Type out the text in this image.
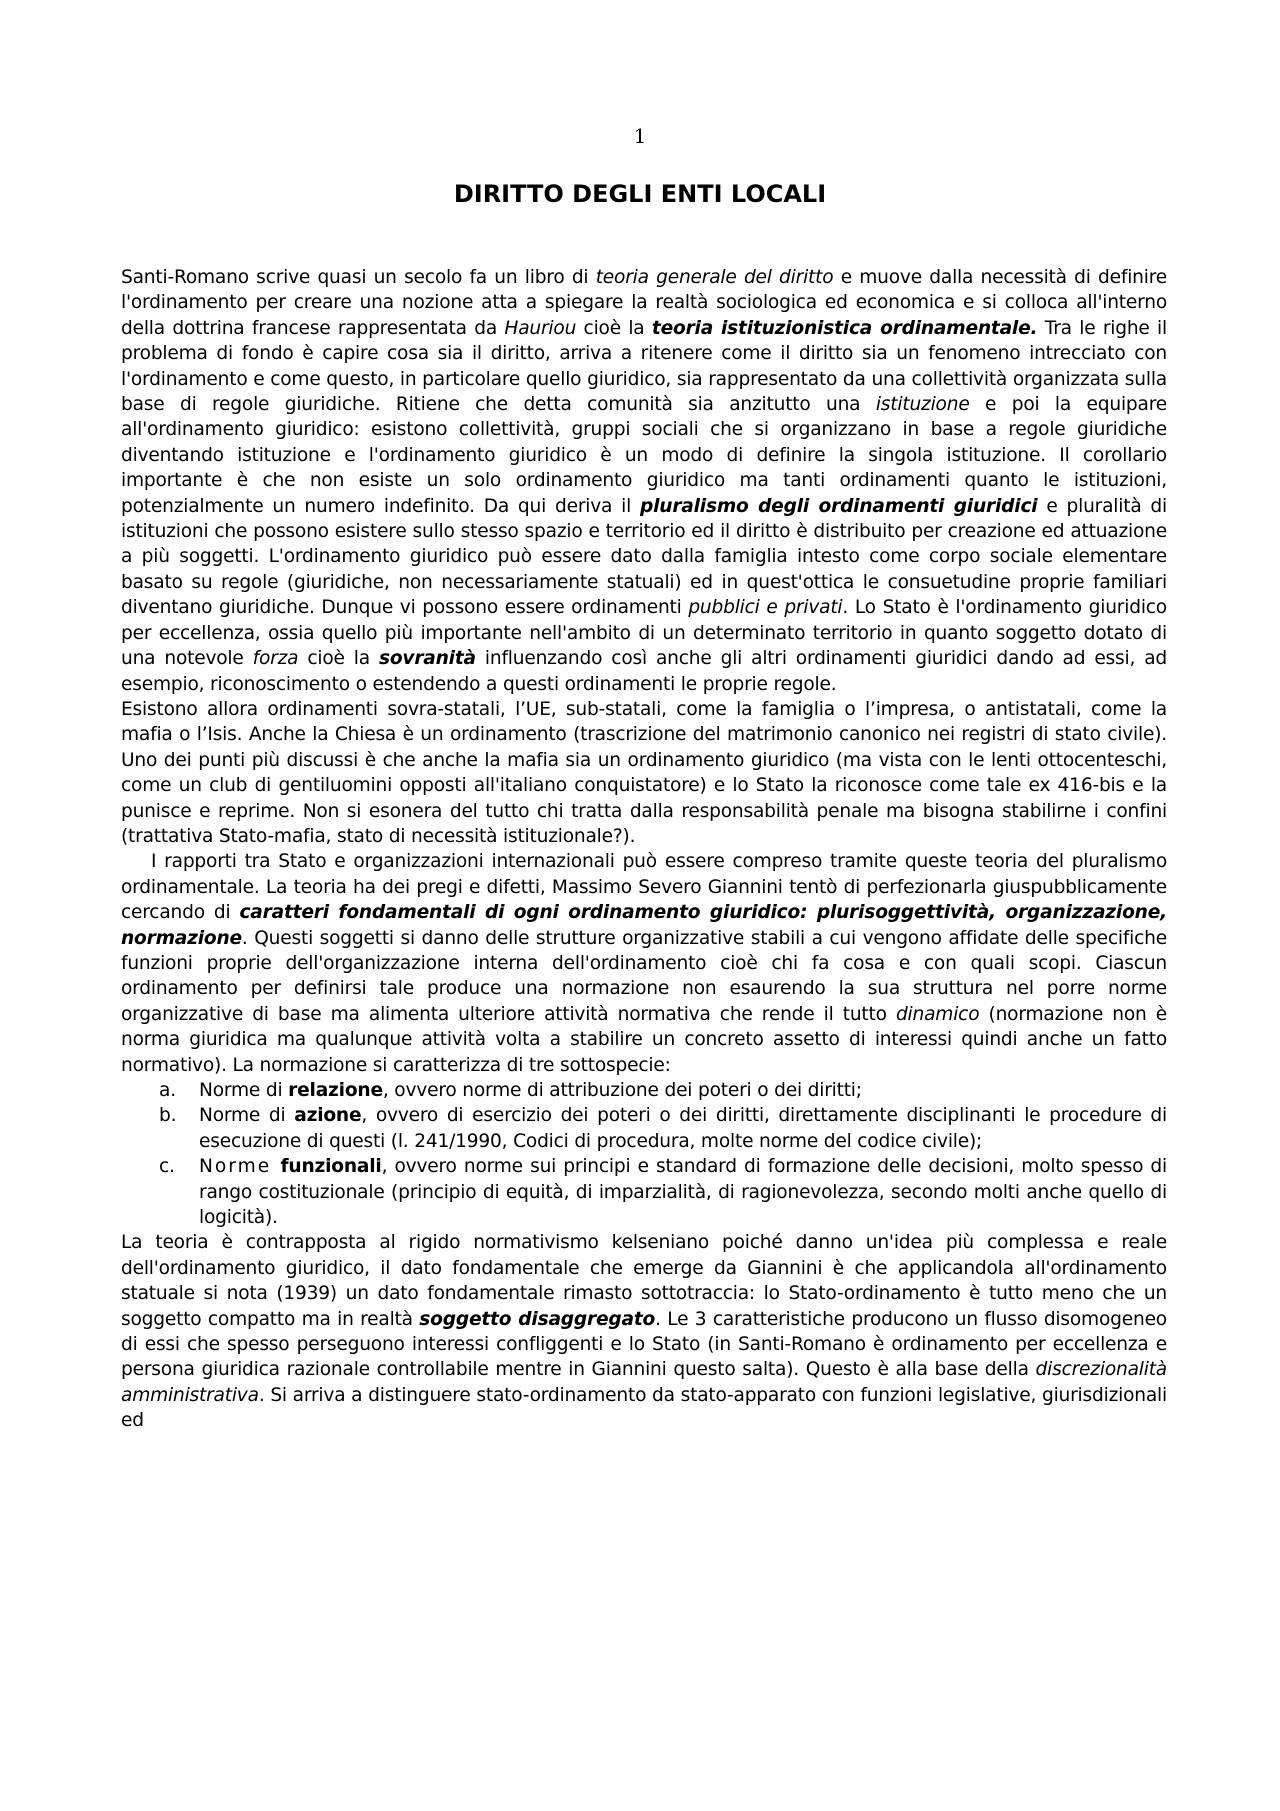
1
DIRITTO DEGLI ENTI LOCALI

Santi-Romano scrive quasi un secolo fa un libro di teoria generale del diritto e muove dalla necessità di definire l'ordinamento per creare una nozione atta a spiegare la realtà sociologica ed economica e si colloca all'interno della dottrina francese rappresentata da Hauriou cioè la teoria istituzionistica ordinamentale. Tra le righe il problema di fondo è capire cosa sia il diritto, arriva a ritenere come il diritto sia un fenomeno intrecciato con l'ordinamento e come questo, in particolare quello giuridico, sia rappresentato da una collettività organizzata sulla base di regole giuridiche. Ritiene che detta comunità sia anzitutto una istituzione e poi la equipare all'ordinamento giuridico: esistono collettività, gruppi sociali che si organizzano in base a regole giuridiche diventando istituzione e l'ordinamento giuridico è un modo di definire la singola istituzione. Il corollario importante è che non esiste un solo ordinamento giuridico ma tanti ordinamenti quanto le istituzioni, potenzialmente un numero indefinito. Da qui deriva il pluralismo degli ordinamenti giuridici e pluralità di istituzioni che possono esistere sullo stesso spazio e territorio ed il diritto è distribuito per creazione ed attuazione a più soggetti. L'ordinamento giuridico può essere dato dalla famiglia intesto come corpo sociale elementare basato su regole (giuridiche, non necessariamente statuali) ed in quest'ottica le consuetudine proprie familiari diventano giuridiche. Dunque vi possono essere ordinamenti pubblici e privati. Lo Stato è l'ordinamento giuridico per eccellenza, ossia quello più importante nell'ambito di un determinato territorio in quanto soggetto dotato di una notevole forza cioè la sovranità influenzando così anche gli altri ordinamenti giuridici dando ad essi, ad esempio, riconoscimento o estendendo a questi ordinamenti le proprie regole.

Esistono allora ordinamenti sovra-statali, l’UE, sub-statali, come la famiglia o l’impresa, o antistatali, come la mafia o l’Isis. Anche la Chiesa è un ordinamento (trascrizione del matrimonio canonico nei registri di stato civile). Uno dei punti più discussi è che anche la mafia sia un ordinamento giuridico (ma vista con le lenti ottocenteschi, come un club di gentiluomini opposti all'italiano conquistatore) e lo Stato la riconosce come tale ex 416-bis e la punisce e reprime. Non si esonera del tutto chi tratta dalla responsabilità penale ma bisogna stabilirne i confini (trattativa Stato-mafia, stato di necessità istituzionale?).

I rapporti tra Stato e organizzazioni internazionali può essere compreso tramite queste teoria del pluralismo ordinamentale. La teoria ha dei pregi e difetti, Massimo Severo Giannini tentò di perfezionarla giuspubblicamente cercando di caratteri fondamentali di ogni ordinamento giuridico: plurisoggettività, organizzazione, normazione. Questi soggetti si danno delle strutture organizzative stabili a cui vengono affidate delle specifiche funzioni proprie dell'organizzazione interna dell'ordinamento cioè chi fa cosa e con quali scopi. Ciascun ordinamento per definirsi tale produce una normazione non esaurendo la sua struttura nel porre norme organizzative di base ma alimenta ulteriore attività normativa che rende il tutto dinamico (normazione non è norma giuridica ma qualunque attività volta a stabilire un concreto assetto di interessi quindi anche un fatto normativo). La normazione si caratterizza di tre sottospecie:

a. Norme di relazione, ovvero norme di attribuzione dei poteri o dei diritti;
b. Norme di azione, ovvero di esercizio dei poteri o dei diritti, direttamente disciplinanti le procedure di esecuzione di questi (l. 241/1990, Codici di procedura, molte norme del codice civile);
c. Norme funzionali, ovvero norme sui principi e standard di formazione delle decisioni, molto spesso di rango costituzionale (principio di equità, di imparzialità, di ragionevolezza, secondo molti anche quello di logicità).

La teoria è contrapposta al rigido normativismo kelseniano poiché danno un'idea più complessa e reale dell'ordinamento giuridico, il dato fondamentale che emerge da Giannini è che applicandola all'ordinamento statuale si nota (1939) un dato fondamentale rimasto sottotraccia: lo Stato-ordinamento è tutto meno che un soggetto compatto ma in realtà soggetto disaggregato. Le 3 caratteristiche producono un flusso disomogeneo di essi che spesso perseguono interessi confliggenti e lo Stato (in Santi-Romano è ordinamento per eccellenza e persona giuridica razionale controllabile mentre in Giannini questo salta). Questo è alla base della discrezionalità amministrativa. Si arriva a distinguere stato-ordinamento da stato-apparato con funzioni legislative, giurisdizionali ed
